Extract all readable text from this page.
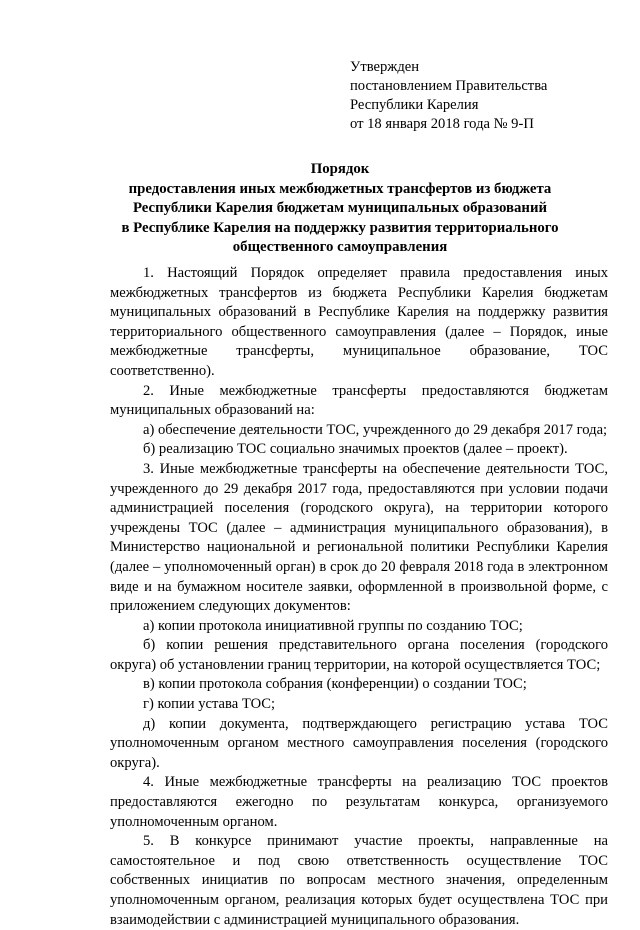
Утвержден
постановлением Правительства
Республики Карелия
от 18 января 2018 года № 9-П
Порядок
предоставления иных межбюджетных трансфертов из бюджета
Республики Карелия бюджетам муниципальных образований
в Республике Карелия на поддержку развития территориального
общественного самоуправления

1. Настоящий Порядок определяет правила предоставления иных межбюджетных трансфертов из бюджета Республики Карелия бюджетам муниципальных образований в Республике Карелия на поддержку развития территориального общественного самоуправления (далее – Порядок, иные межбюджетные трансферты, муниципальное образование, ТОС соответственно).

2. Иные межбюджетные трансферты предоставляются бюджетам муниципальных образований на:

а) обеспечение деятельности ТОС, учрежденного до 29 декабря 2017 года;

б) реализацию ТОС социально значимых проектов (далее – проект).

3. Иные межбюджетные трансферты на обеспечение деятельности ТОС, учрежденного до 29 декабря 2017 года, предоставляются при условии подачи администрацией поселения (городского округа), на территории которого учреждены ТОС (далее – администрация муниципального образования), в Министерство национальной и региональной политики Республики Карелия (далее – уполномоченный орган) в срок до 20 февраля 2018 года в электронном виде и на бумажном носителе заявки, оформленной в произвольной форме, с приложением следующих документов:

а) копии протокола инициативной группы по созданию ТОС;

б) копии решения представительного органа поселения (городского округа) об установлении границ территории, на которой осуществляется ТОС;

в) копии протокола собрания (конференции) о создании ТОС;

г) копии устава ТОС;

д) копии документа, подтверждающего регистрацию устава ТОС уполномоченным органом местного самоуправления поселения (городского округа).

4. Иные межбюджетные трансферты на реализацию ТОС проектов предоставляются ежегодно по результатам конкурса, организуемого уполномоченным органом.

5. В конкурсе принимают участие проекты, направленные на самостоятельное и под свою ответственность осуществление ТОС собственных инициатив по вопросам местного значения, определенным уполномоченным органом, реализация которых будет осуществлена ТОС при взаимодействии с администрацией муниципального образования.
